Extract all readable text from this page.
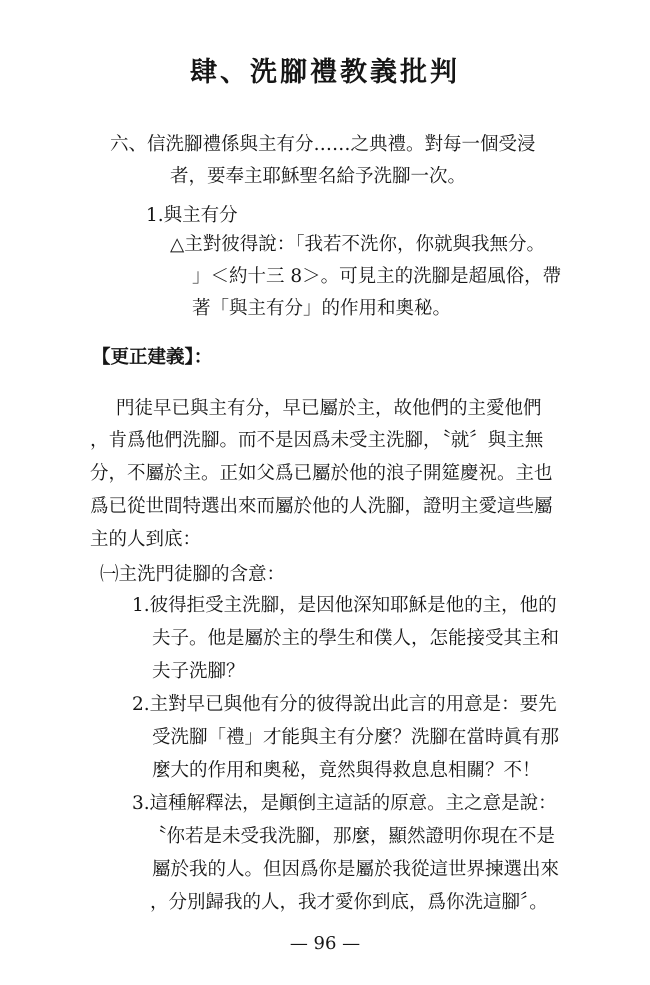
肆、洗腳禮教義批判
六、信洗腳禮係與主有分……之典禮。對每一個受浸
者，要奉主耶穌聖名給予洗腳一次。
1.與主有分
△主對彼得說：「我若不洗你，你就與我無分。
」＜約十三 8＞。可見主的洗腳是超風俗，帶
著「與主有分」的作用和奧秘。
【更正建義】：
門徒早已與主有分，早已屬於主，故他們的主愛他們
，肯爲他們洗腳。而不是因爲未受主洗腳，〝就〞與主無
分，不屬於主。正如父爲已屬於他的浪子開筵慶祝。主也
爲已從世間特選出來而屬於他的人洗腳，證明主愛這些屬
主的人到底：
㈠主洗門徒腳的含意：
1.彼得拒受主洗腳，是因他深知耶穌是他的主，他的
夫子。他是屬於主的學生和僕人，怎能接受其主和
夫子洗腳？
2.主對早已與他有分的彼得說出此言的用意是：要先
受洗腳「禮」才能與主有分麼？洗腳在當時眞有那
麼大的作用和奧秘，竟然與得救息息相關？不！
3.這種解釋法，是顚倒主這話的原意。主之意是說：
〝你若是未受我洗腳，那麼，顯然證明你現在不是
屬於我的人。但因爲你是屬於我從這世界揀選出來
，分別歸我的人，我才愛你到底，爲你洗這腳〞。
— 96 —
